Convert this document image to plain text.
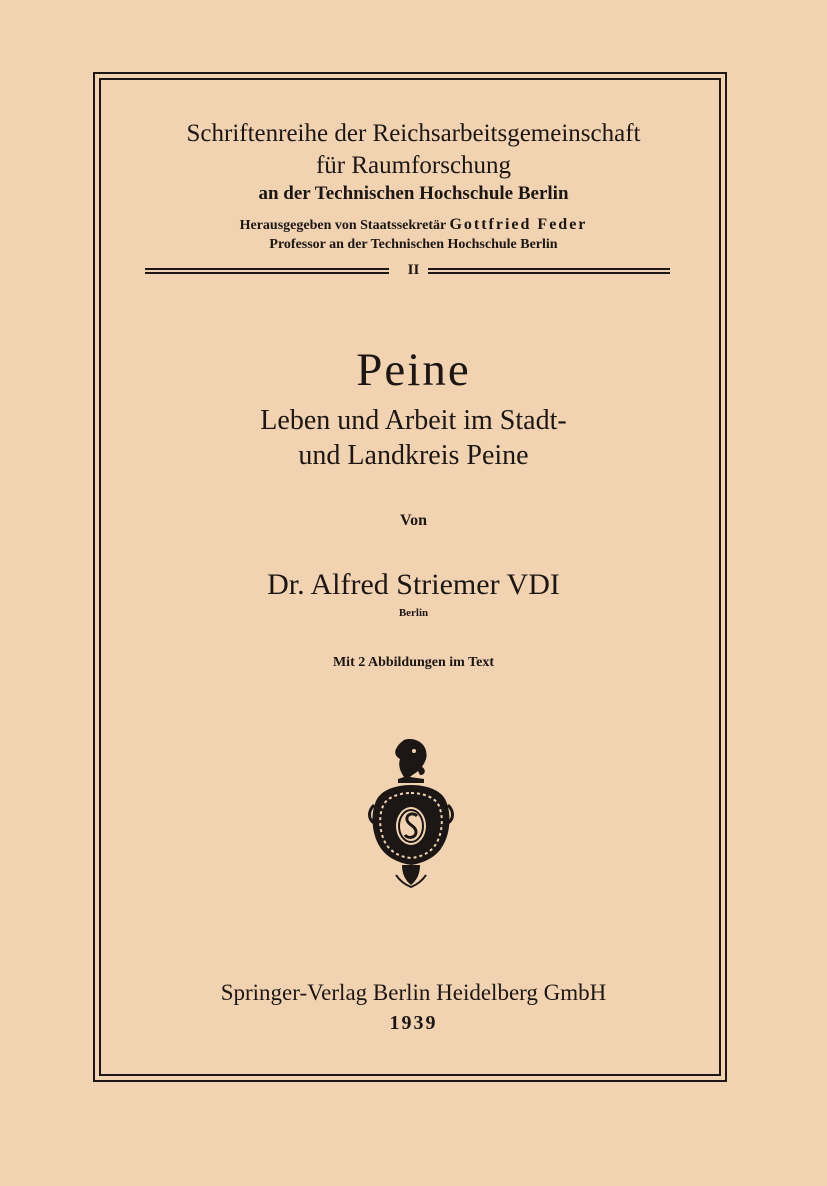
Schriftenreihe der Reichsarbeitsgemeinschaft
für Raumforschung
an der Technischen Hochschule Berlin
Herausgegeben von Staatssekretär Gottfried Feder
Professor an der Technischen Hochschule Berlin
II
Peine
Leben und Arbeit im Stadt-
und Landkreis Peine
Von
Dr. Alfred Striemer VDI
Berlin
Mit 2 Abbildungen im Text
Springer-Verlag Berlin Heidelberg GmbH
1939
